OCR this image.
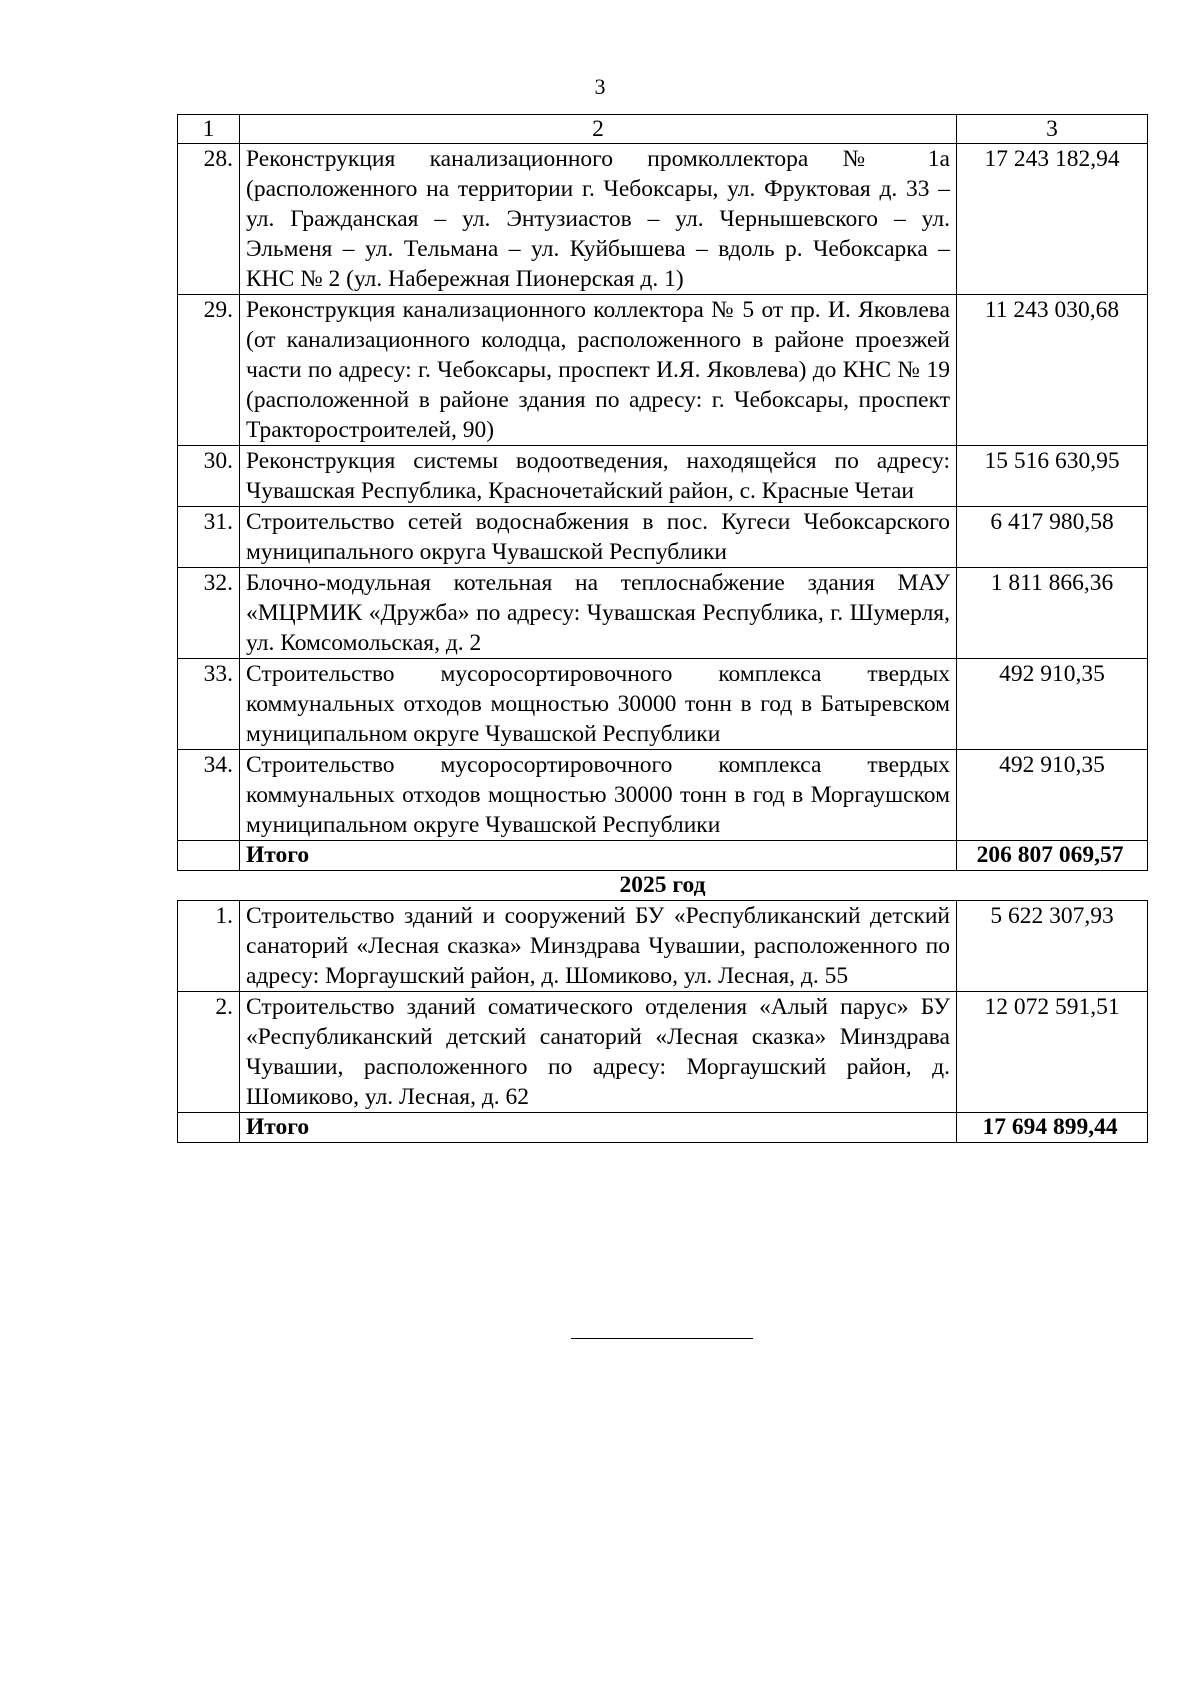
3
1	2	3
28.	Реконструкция канализационного промколлектора № 1а (расположенного на территории г. Чебоксары, ул. Фруктовая д. 33 – ул. Гражданская – ул. Энтузиастов – ул. Чернышевского – ул. Эльменя – ул. Тельмана – ул. Куйбышева – вдоль р. Чебоксарка – КНС № 2 (ул. Набережная Пионерская д. 1)	17 243 182,94
29.	Реконструкция канализационного коллектора № 5 от пр. И. Яковлева (от канализационного колодца, расположенного в районе проезжей части по адресу: г. Чебоксары, проспект И.Я. Яковлева) до КНС № 19 (расположенной в районе здания по адресу: г. Чебоксары, проспект Тракторостроителей, 90)	11 243 030,68
30.	Реконструкция системы водоотведения, находящейся по адресу: Чувашская Республика, Красночетайский район, с. Красные Четаи	15 516 630,95
31.	Строительство сетей водоснабжения в пос. Кугеси Чебоксарского муниципального округа Чувашской Республики	6 417 980,58
32.	Блочно-модульная котельная на теплоснабжение здания МАУ «МЦРМИК «Дружба» по адресу: Чувашская Республика, г. Шумерля, ул. Комсомольская, д. 2	1 811 866,36
33.	Строительство мусоросортировочного комплекса твердых коммунальных отходов мощностью 30000 тонн в год в Батыревском муниципальном округе Чувашской Республики	492 910,35
34.	Строительство мусоросортировочного комплекса твердых коммунальных отходов мощностью 30000 тонн в год в Моргаушском муниципальном округе Чувашской Республики	492 910,35
	Итого	206 807 069,57
2025 год		
1.	Строительство зданий и сооружений БУ «Республиканский детский санаторий «Лесная сказка» Минздрава Чувашии, расположенного по адресу: Моргаушский район, д. Шомиково, ул. Лесная, д. 55	5 622 307,93
2.	Строительство зданий соматического отделения «Алый парус» БУ «Республиканский детский санаторий «Лесная сказка» Минздрава Чувашии, расположенного по адресу: Моргаушский район, д. Шомиково, ул. Лесная, д. 62	12 072 591,51
	Итого	17 694 899,44
